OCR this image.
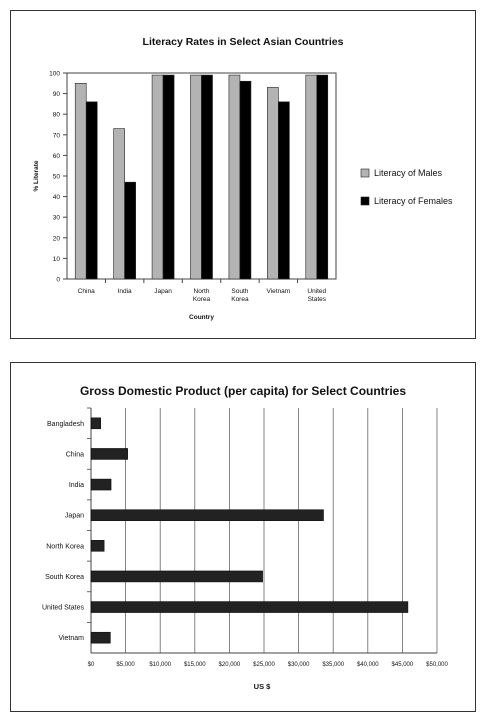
Literacy Rates in Select Asian Countries
0
10
20
30
40
50
60
70
80
90
100
% Literate
China	India	Japan	North
Korea
South
Korea
Vietnam	United
States
Country
Literacy of Males
Literacy of Females
Gross Domestic Product (per capita) for Select Countries
$0	$5,000 $10,000 $15,000 $20,000 $25,000 $30,000 $35,000 $40,000 $45,000 $50,000
Bangladesh
China
India
Japan
North Korea
South Korea
United States
Vietnam
US $
